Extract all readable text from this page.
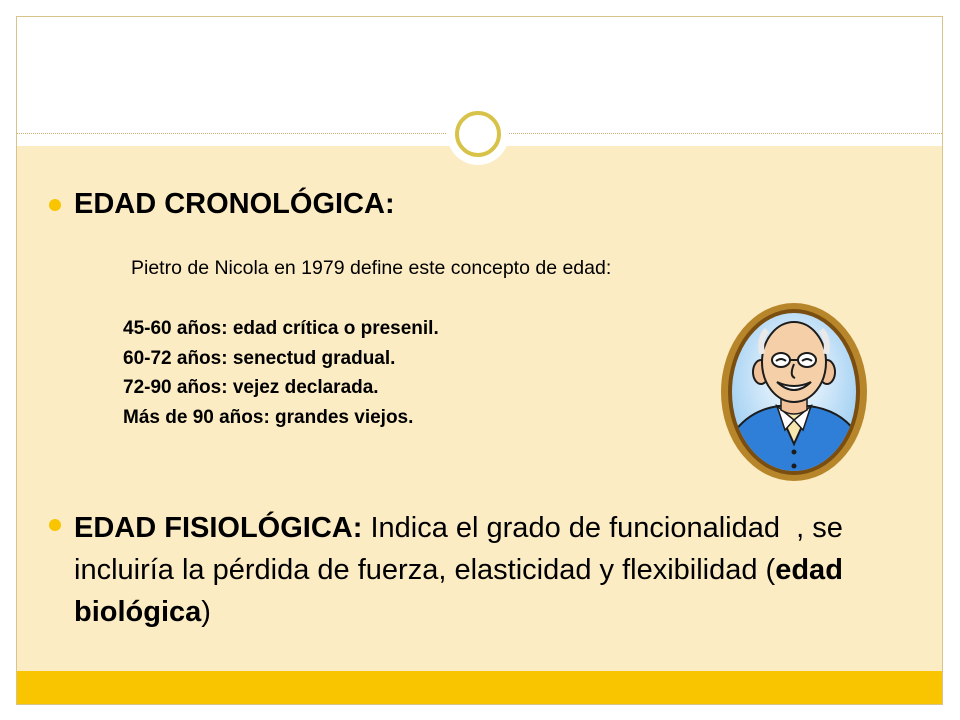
EDAD CRONOLÓGICA:

Pietro de Nicola en 1979 define este concepto de edad:

45-60 años: edad crítica o presenil.
60-72 años: senectud gradual.
72-90 años: vejez declarada.
Más de 90 años: grandes viejos.

EDAD FISIOLÓGICA: Indica el grado de funcionalidad  , se incluiría la pérdida de fuerza, elasticidad y flexibilidad (edad biológica)
